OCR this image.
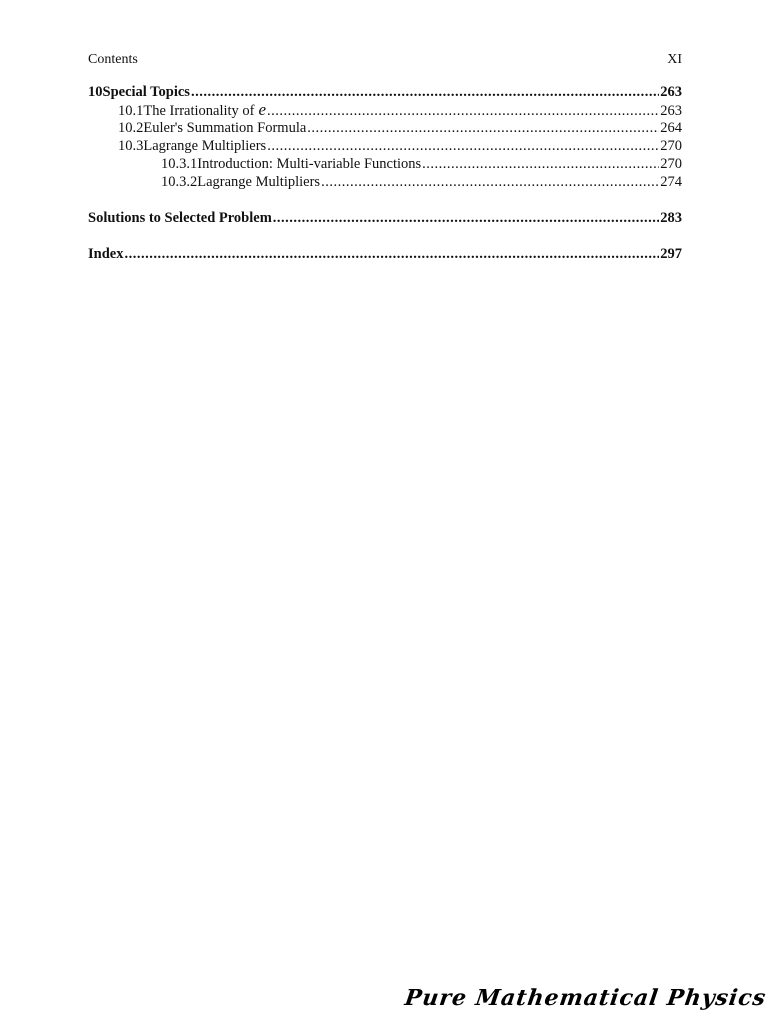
Contents	XI
10 Special Topics .....	263
10.1 The Irrationality of e .....	263
10.2 Euler's Summation Formula .....	264
10.3 Lagrange Multipliers .....	270
10.3.1 Introduction: Multi-variable Functions .....	270
10.3.2 Lagrange Multipliers .....	274
Solutions to Selected Problem .....	283
Index .....	297
Pure Mathematical Physics
